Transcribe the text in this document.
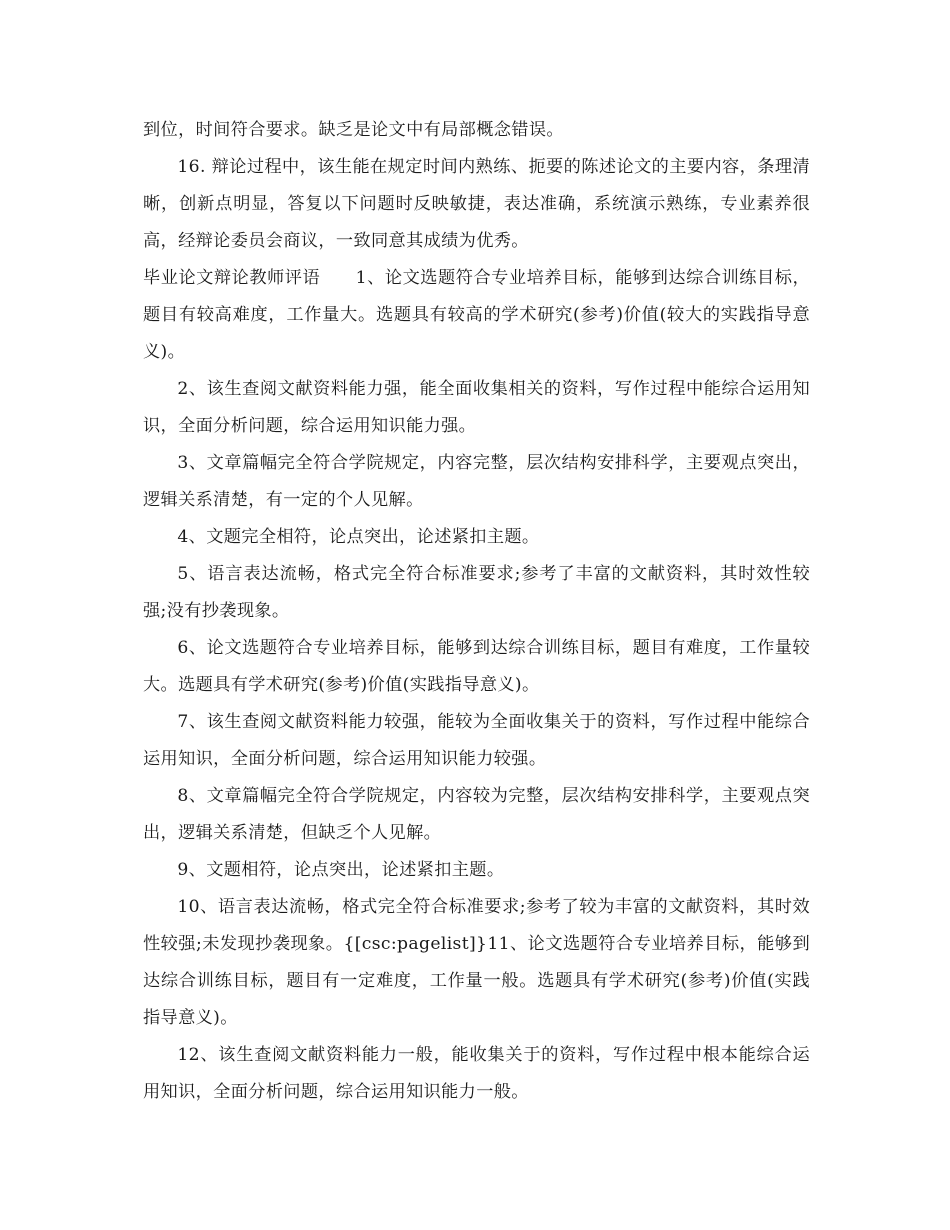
到位，时间符合要求。缺乏是论文中有局部概念错误。

16. 辩论过程中，该生能在规定时间内熟练、扼要的陈述论文的主要内容，条理清晰，创新点明显，答复以下问题时反映敏捷，表达准确，系统演示熟练，专业素养很高，经辩论委员会商议，一致同意其成绩为优秀。

毕业论文辩论教师评语　　1、论文选题符合专业培养目标，能够到达综合训练目标，题目有较高难度，工作量大。选题具有较高的学术研究(参考)价值(较大的实践指导意义)。

2、该生查阅文献资料能力强，能全面收集相关的资料，写作过程中能综合运用知识，全面分析问题，综合运用知识能力强。

3、文章篇幅完全符合学院规定，内容完整，层次结构安排科学，主要观点突出，逻辑关系清楚，有一定的个人见解。

4、文题完全相符，论点突出，论述紧扣主题。

5、语言表达流畅，格式完全符合标准要求;参考了丰富的文献资料，其时效性较强;没有抄袭现象。

6、论文选题符合专业培养目标，能够到达综合训练目标，题目有难度，工作量较大。选题具有学术研究(参考)价值(实践指导意义)。

7、该生查阅文献资料能力较强，能较为全面收集关于的资料，写作过程中能综合运用知识，全面分析问题，综合运用知识能力较强。

8、文章篇幅完全符合学院规定，内容较为完整，层次结构安排科学，主要观点突出，逻辑关系清楚，但缺乏个人见解。

9、文题相符，论点突出，论述紧扣主题。

10、语言表达流畅，格式完全符合标准要求;参考了较为丰富的文献资料，其时效性较强;未发现抄袭现象。{[csc:pagelist]}11、论文选题符合专业培养目标，能够到达综合训练目标，题目有一定难度，工作量一般。选题具有学术研究(参考)价值(实践指导意义)。

12、该生查阅文献资料能力一般，能收集关于的资料，写作过程中根本能综合运用知识，全面分析问题，综合运用知识能力一般。
